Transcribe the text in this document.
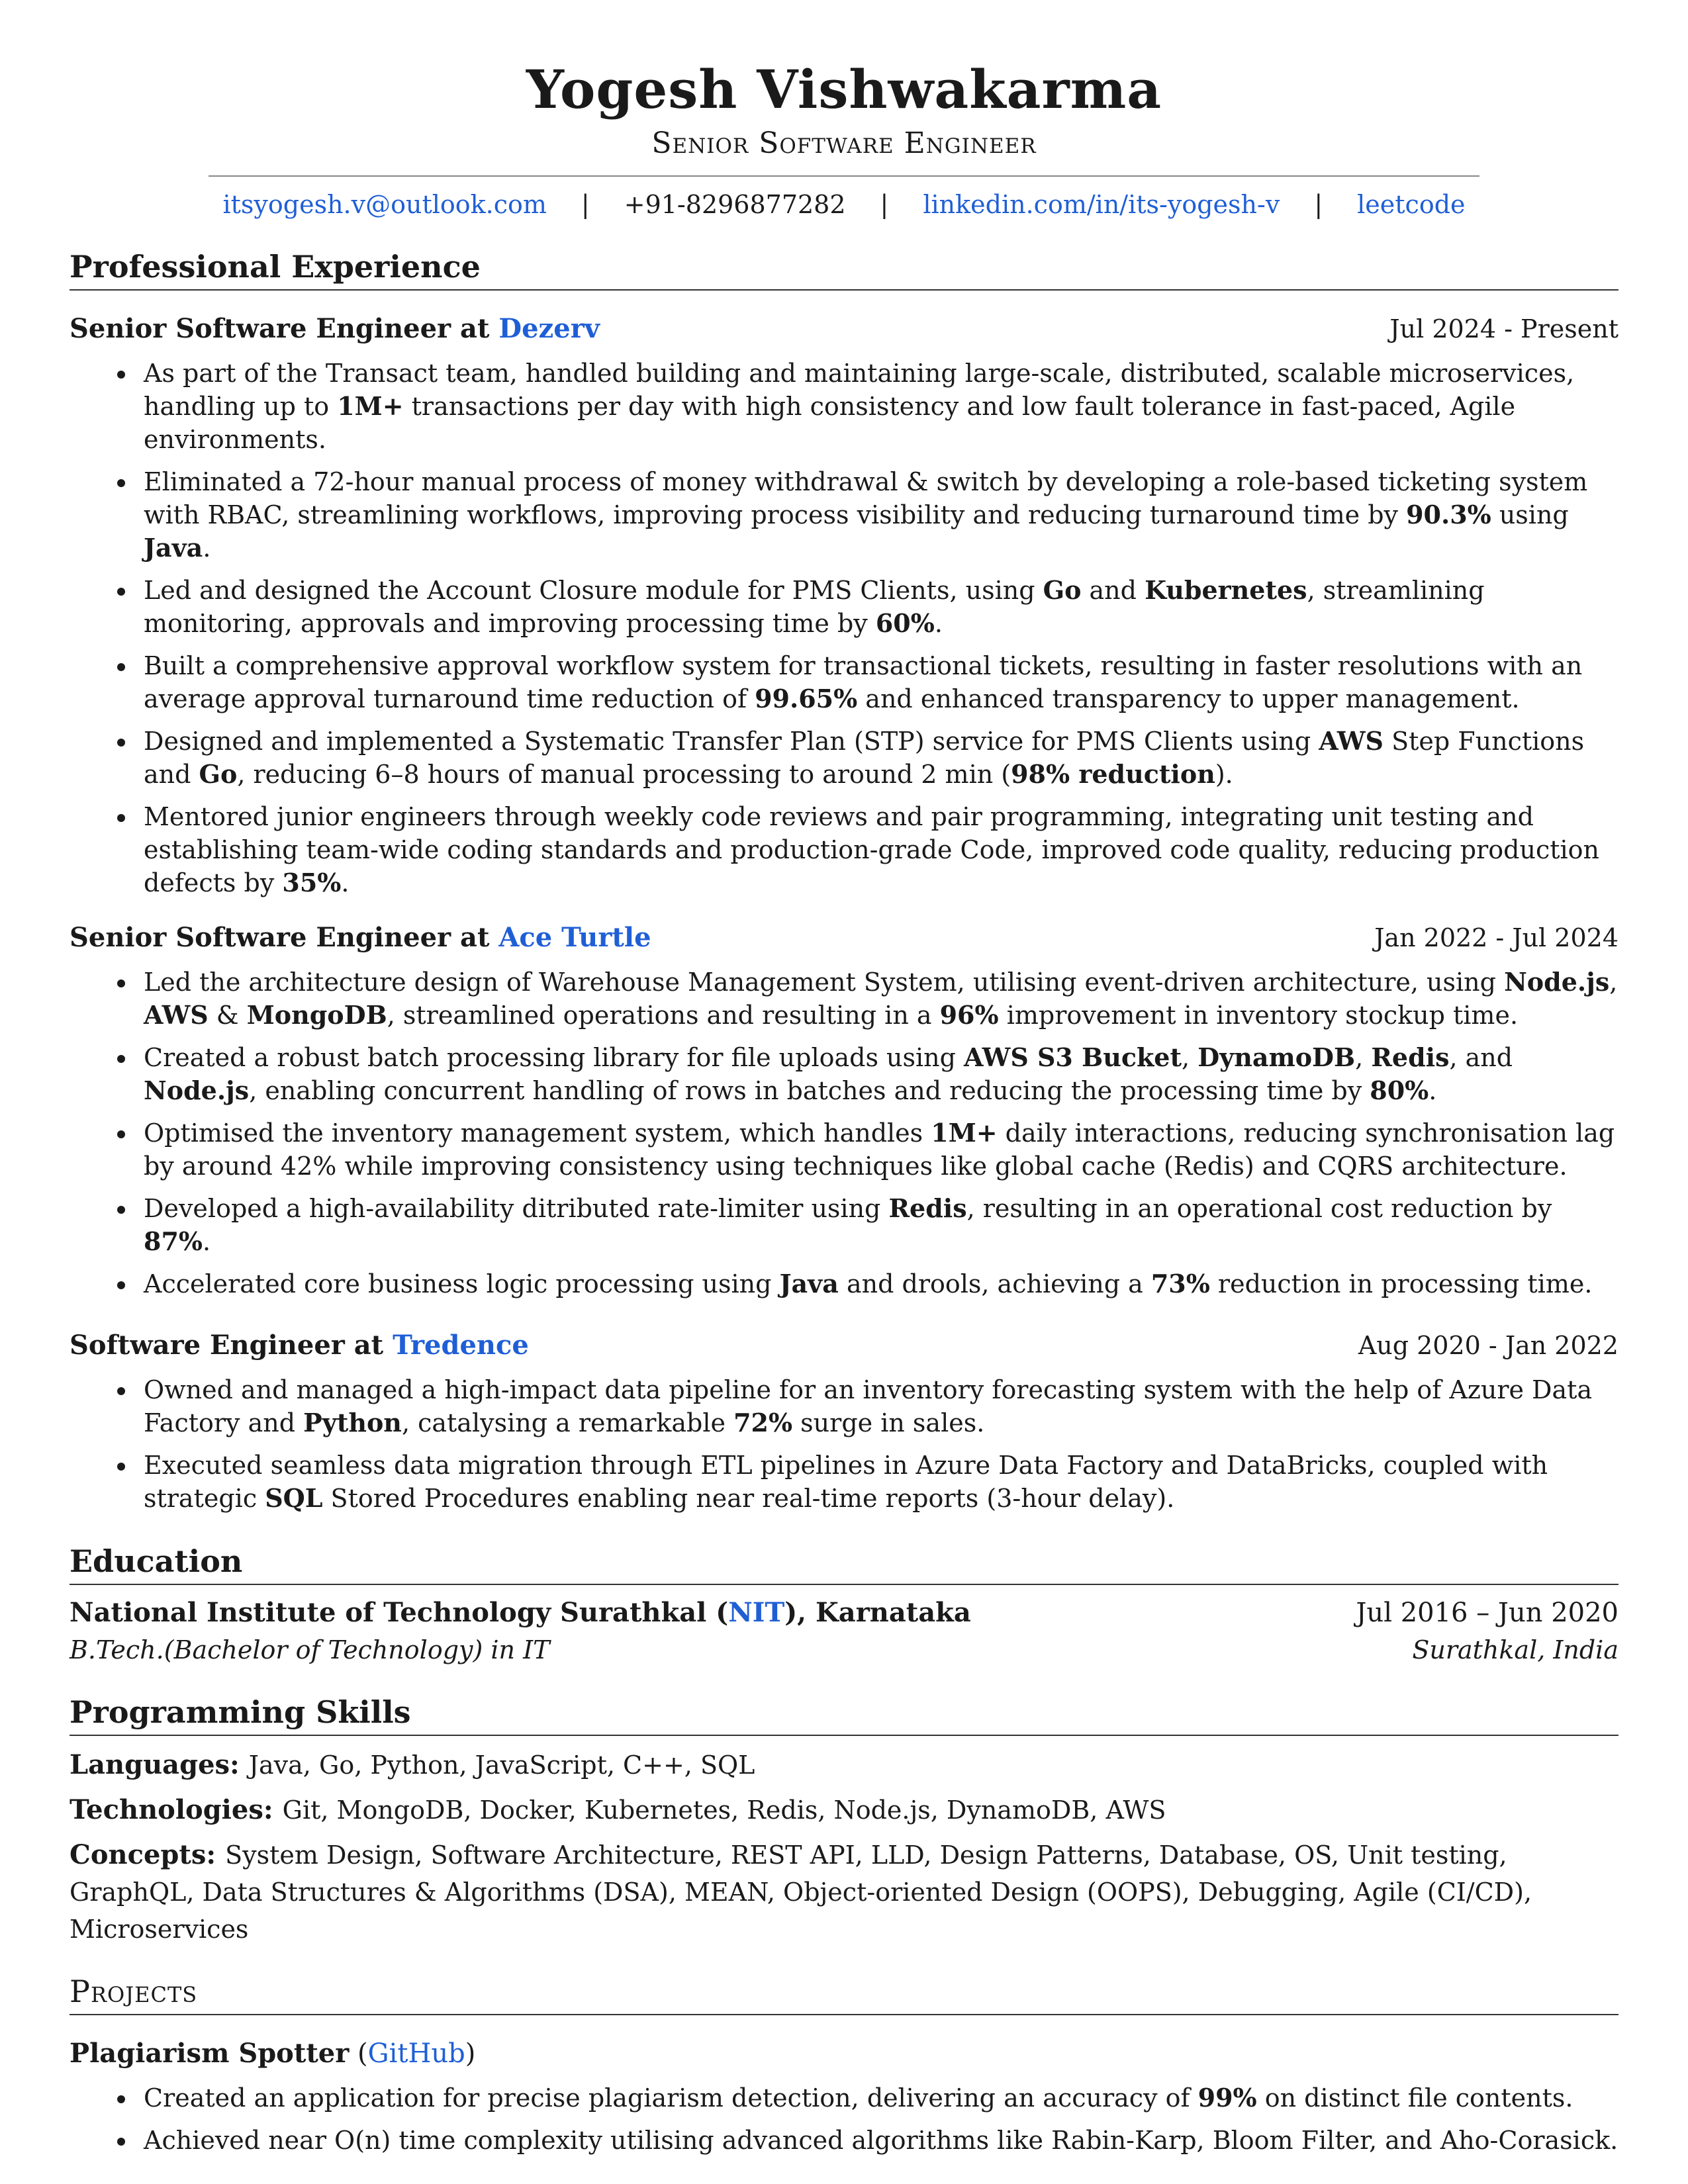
Yogesh Vishwakarma
Senior Software Engineer
itsyogesh.v@outlook.com | +91-8296877282 | linkedin.com/in/its-yogesh-v | leetcode
Professional Experience
Senior Software Engineer at Dezerv	Jul 2024 - Present
As part of the Transact team, handled building and maintaining large-scale, distributed, scalable microservices, handling up to 1M+ transactions per day with high consistency and low fault tolerance in fast-paced, Agile environments.
Eliminated a 72-hour manual process of money withdrawal & switch by developing a role-based ticketing system with RBAC, streamlining workflows, improving process visibility and reducing turnaround time by 90.3% using Java.
Led and designed the Account Closure module for PMS Clients, using Go and Kubernetes, streamlining monitoring, approvals and improving processing time by 60%.
Built a comprehensive approval workflow system for transactional tickets, resulting in faster resolutions with an average approval turnaround time reduction of 99.65% and enhanced transparency to upper management.
Designed and implemented a Systematic Transfer Plan (STP) service for PMS Clients using AWS Step Functions and Go, reducing 6–8 hours of manual processing to around 2 min (98% reduction).
Mentored junior engineers through weekly code reviews and pair programming, integrating unit testing and establishing team-wide coding standards and production-grade Code, improved code quality, reducing production defects by 35%.
Senior Software Engineer at Ace Turtle	Jan 2022 - Jul 2024
Led the architecture design of Warehouse Management System, utilising event-driven architecture, using Node.js, AWS & MongoDB, streamlined operations and resulting in a 96% improvement in inventory stockup time.
Created a robust batch processing library for file uploads using AWS S3 Bucket, DynamoDB, Redis, and Node.js, enabling concurrent handling of rows in batches and reducing the processing time by 80%.
Optimised the inventory management system, which handles 1M+ daily interactions, reducing synchronisation lag by around 42% while improving consistency using techniques like global cache (Redis) and CQRS architecture.
Developed a high-availability ditributed rate-limiter using Redis, resulting in an operational cost reduction by 87%.
Accelerated core business logic processing using Java and drools, achieving a 73% reduction in processing time.
Software Engineer at Tredence	Aug 2020 - Jan 2022
Owned and managed a high-impact data pipeline for an inventory forecasting system with the help of Azure Data Factory and Python, catalysing a remarkable 72% surge in sales.
Executed seamless data migration through ETL pipelines in Azure Data Factory and DataBricks, coupled with strategic SQL Stored Procedures enabling near real-time reports (3-hour delay).
Education
National Institute of Technology Surathkal (NIT), Karnataka	Jul 2016 – Jun 2020
B.Tech.(Bachelor of Technology) in IT	Surathkal, India
Programming Skills
Languages: Java, Go, Python, JavaScript, C++, SQL
Technologies: Git, MongoDB, Docker, Kubernetes, Redis, Node.js, DynamoDB, AWS
Concepts: System Design, Software Architecture, REST API, LLD, Design Patterns, Database, OS, Unit testing, GraphQL, Data Structures & Algorithms (DSA), MEAN, Object-oriented Design (OOPS), Debugging, Agile (CI/CD), Microservices
Projects
Plagiarism Spotter (GitHub)
Created an application for precise plagiarism detection, delivering an accuracy of 99% on distinct file contents.
Achieved near O(n) time complexity utilising advanced algorithms like Rabin-Karp, Bloom Filter, and Aho-Corasick.
